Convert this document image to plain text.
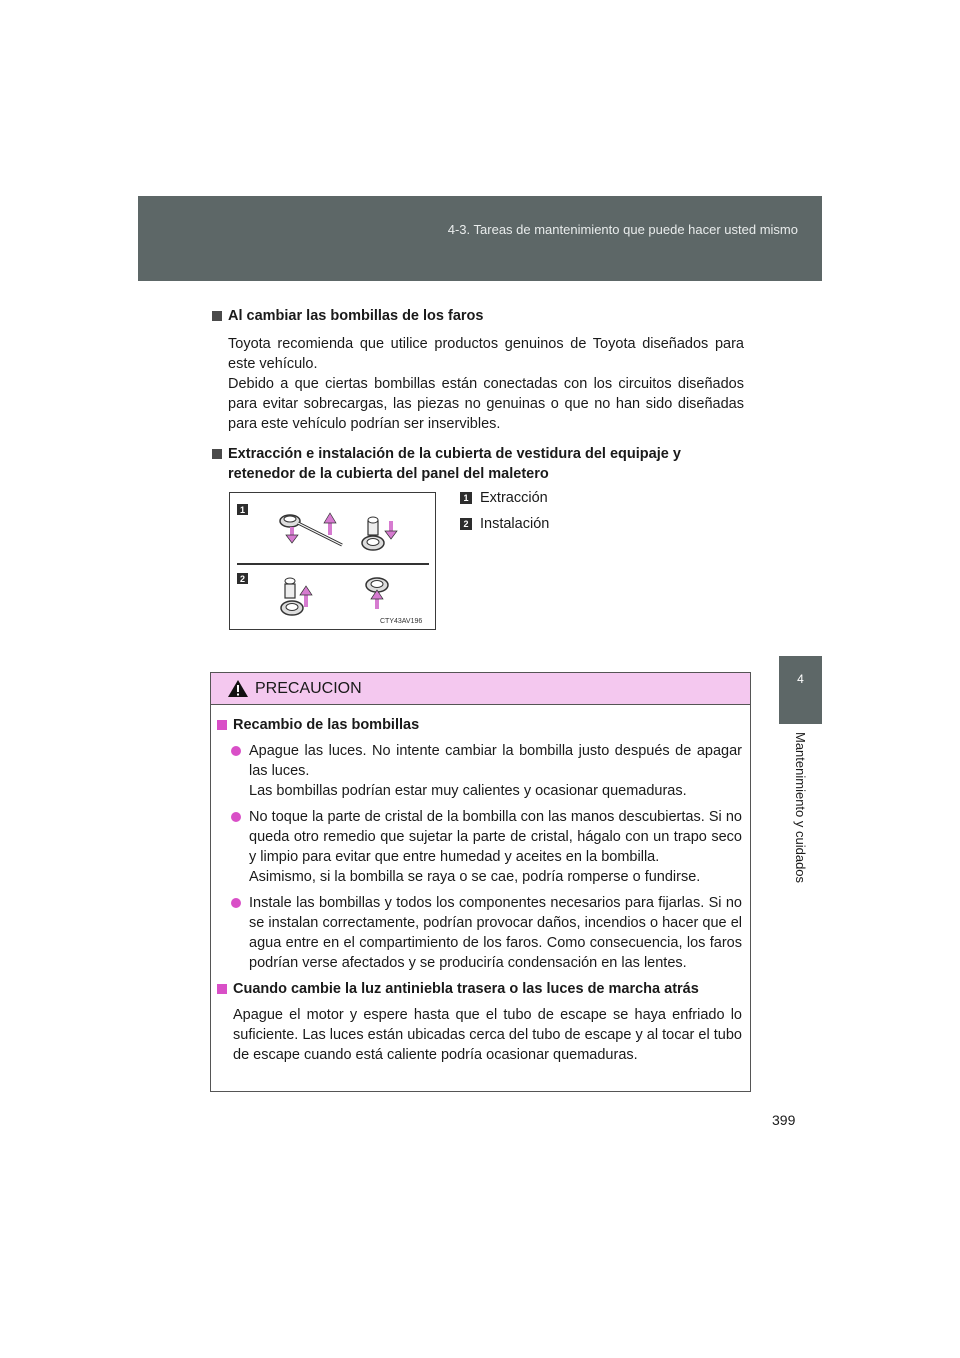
4-3. Tareas de mantenimiento que puede hacer usted mismo
4
Mantenimiento y cuidados
Al cambiar las bombillas de los faros
Toyota recomienda que utilice productos genuinos de Toyota diseñados para este vehículo.
Debido a que ciertas bombillas están conectadas con los circuitos diseñados para evitar sobrecargas, las piezas no genuinas o que no han sido diseñadas para este vehículo podrían ser inservibles.
Extracción e instalación de la cubierta de vestidura del equipaje y retenedor de la cubierta del panel del maletero
1
2
CTY43AV196
1 Extracción
2 Instalación
PRECAUCION
Recambio de las bombillas
Apague las luces. No intente cambiar la bombilla justo después de apagar las luces.
Las bombillas podrían estar muy calientes y ocasionar quemaduras.
No toque la parte de cristal de la bombilla con las manos descubiertas. Si no queda otro remedio que sujetar la parte de cristal, hágalo con un trapo seco y limpio para evitar que entre humedad y aceites en la bombilla.
Asimismo, si la bombilla se raya o se cae, podría romperse o fundirse.
Instale las bombillas y todos los componentes necesarios para fijarlas. Si no se instalan correctamente, podrían provocar daños, incendios o hacer que el agua entre en el compartimiento de los faros. Como consecuencia, los faros podrían verse afectados y se produciría condensación en las lentes.
Cuando cambie la luz antiniebla trasera o las luces de marcha atrás
Apague el motor y espere hasta que el tubo de escape se haya enfriado lo suficiente. Las luces están ubicadas cerca del tubo de escape y al tocar el tubo de escape cuando está caliente podría ocasionar quemaduras.
399
